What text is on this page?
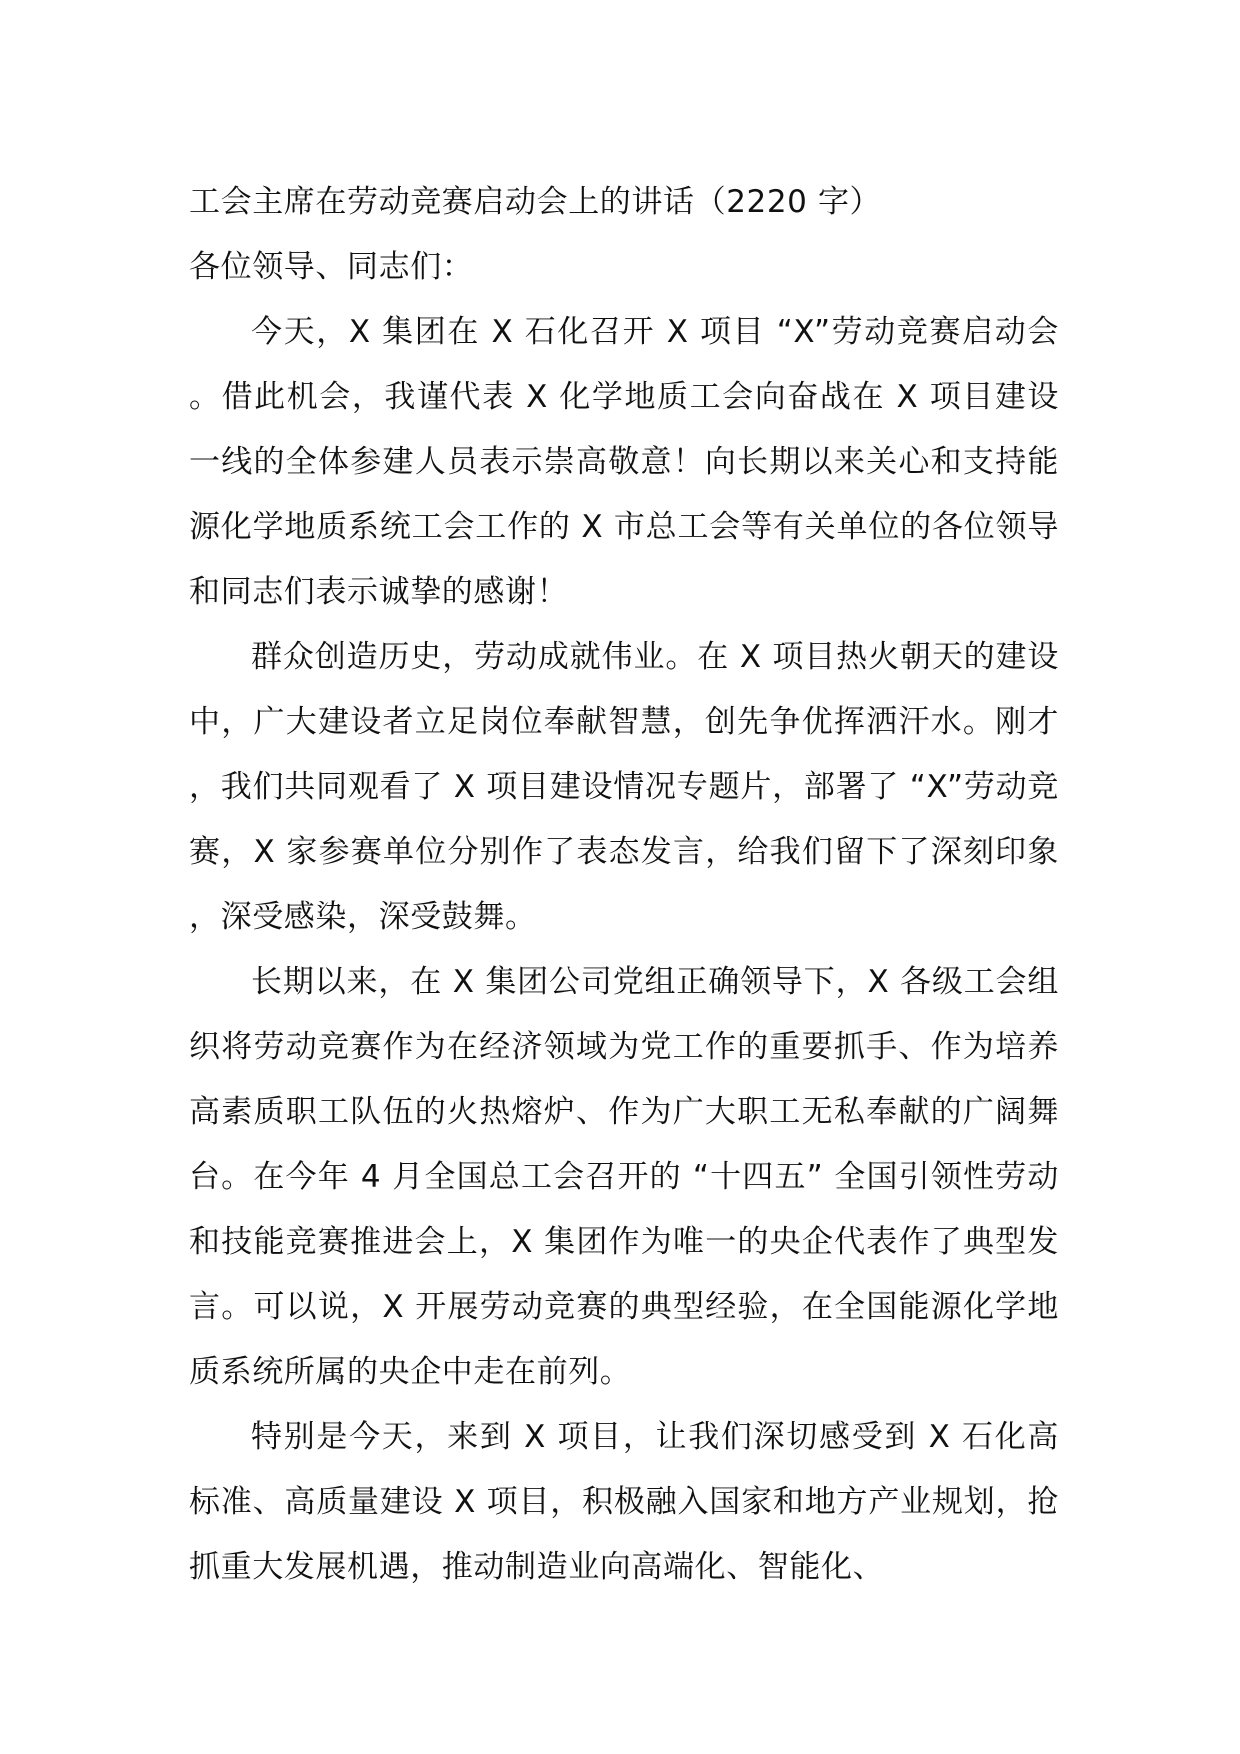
工会主席在劳动竞赛启动会上的讲话（2220 字）

各位领导、同志们：

今天，X 集团在 X 石化召开 X 项目 “X”劳动竞赛启动会。借此机会，我谨代表 X 化学地质工会向奋战在 X 项目建设一线的全体参建人员表示崇高敬意！向长期以来关心和支持能源化学地质系统工会工作的 X 市总工会等有关单位的各位领导和同志们表示诚挚的感谢！

群众创造历史，劳动成就伟业。在 X 项目热火朝天的建设中，广大建设者立足岗位奉献智慧，创先争优挥洒汗水。刚才，我们共同观看了 X 项目建设情况专题片，部署了 “X”劳动竞赛，X 家参赛单位分别作了表态发言，给我们留下了深刻印象，深受感染，深受鼓舞。

长期以来，在 X 集团公司党组正确领导下，X 各级工会组织将劳动竞赛作为在经济领域为党工作的重要抓手、作为培养高素质职工队伍的火热熔炉、作为广大职工无私奉献的广阔舞台。在今年 4 月全国总工会召开的 “十四五” 全国引领性劳动和技能竞赛推进会上，X 集团作为唯一的央企代表作了典型发言。可以说，X 开展劳动竞赛的典型经验，在全国能源化学地质系统所属的央企中走在前列。

特别是今天，来到 X 项目，让我们深切感受到 X 石化高标准、高质量建设 X 项目，积极融入国家和地方产业规划，抢抓重大发展机遇，推动制造业向高端化、智能化、
